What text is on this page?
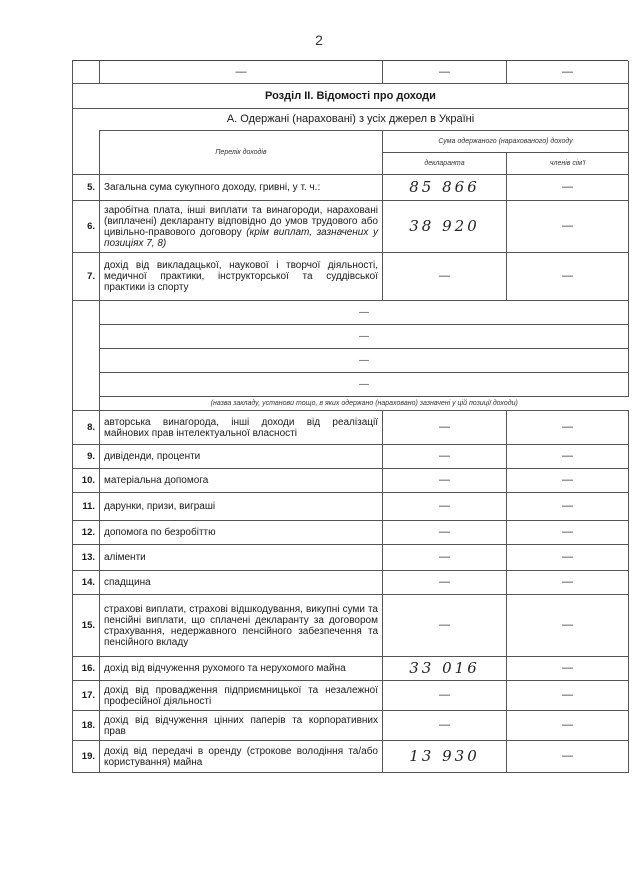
2
	—	—	—
Розділ ІІ. Відомості про доходи			
А. Одержані (нараховані) з усіх джерел в Україні			
	Перелік доходів	Сума одержаного (нарахованого) доходу	
		декларанта	членів сім'ї
5.	Загальна сума сукупного доходу, гривні, у т. ч.:	85 866	—
6.	заробітна плата, інші виплати та винагороди, нараховані (виплачені) декларанту відповідно до умов трудового або цивільно-правового договору (крім виплат, зазначених у позиціях 7, 8)	38 920	—
7.	дохід від викладацької, наукової і творчої діяльності, медичної практики, інструкторської та суддівської практики із спорту	—	—
	—		
	—		
	—		
	—		
	(назва закладу, установи тощо, в яких одержано (нараховано) зазначені у цій позиції доходи)		
8.	авторська винагорода, інші доходи від реалізації майнових прав інтелектуальної власності	—	—
9.	дивіденди, проценти	—	—
10.	матеріальна допомога	—	—
11.	дарунки, призи, виграші	—	—
12.	допомога по безробіттю	—	—
13.	аліменти	—	—
14.	спадщина	—	—
15.	страхові виплати, страхові відшкодування, викупні суми та пенсійні виплати, що сплачені декларанту за договором страхування, недержавного пенсійного забезпечення та пенсійного вкладу	—	—
16.	дохід від відчуження рухомого та нерухомого майна	33 016	—
17.	дохід від провадження підприємницької та незалежної професійної діяльності	—	—
18.	дохід від відчуження цінних паперів та корпоративних прав	—	—
19.	дохід від передачі в оренду (строкове володіння та/або користування) майна	13 930	—
